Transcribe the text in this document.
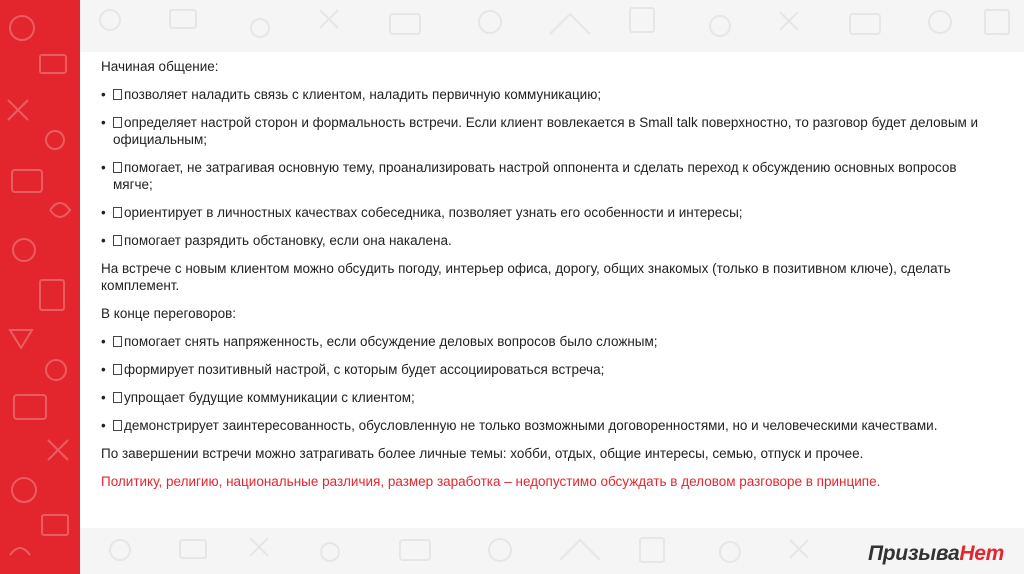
Начиная общение:

•	позволяет наладить связь с клиентом, наладить первичную коммуникацию;
•	определяет настрой сторон и формальность встречи. Если клиент вовлекается в Small talk поверхностно, то разговор будет деловым и официальным;
•	помогает, не затрагивая основную тему, проанализировать настрой оппонента и сделать переход к обсуждению основных вопросов мягче;
•	ориентирует в личностных качествах собеседника, позволяет узнать его особенности и интересы;
•	помогает разрядить обстановку, если она накалена.

На встрече с новым клиентом можно обсудить погоду, интерьер офиса, дорогу, общих знакомых (только в позитивном ключе), сделать комплемент.

В конце переговоров:

•	помогает снять напряженность, если обсуждение деловых вопросов было сложным;
•	формирует позитивный настрой, с которым будет ассоциироваться встреча;
•	упрощает будущие коммуникации с клиентом;
•	демонстрирует заинтересованность, обусловленную не только возможными договоренностями, но и человеческими качествами.

По завершении встречи можно затрагивать более личные темы: хобби, отдых, общие интересы, семью, отпуск и прочее.

Политику, религию, национальные различия, размер заработка – недопустимо обсуждать в деловом разговоре в принципе.

ПризываНет
